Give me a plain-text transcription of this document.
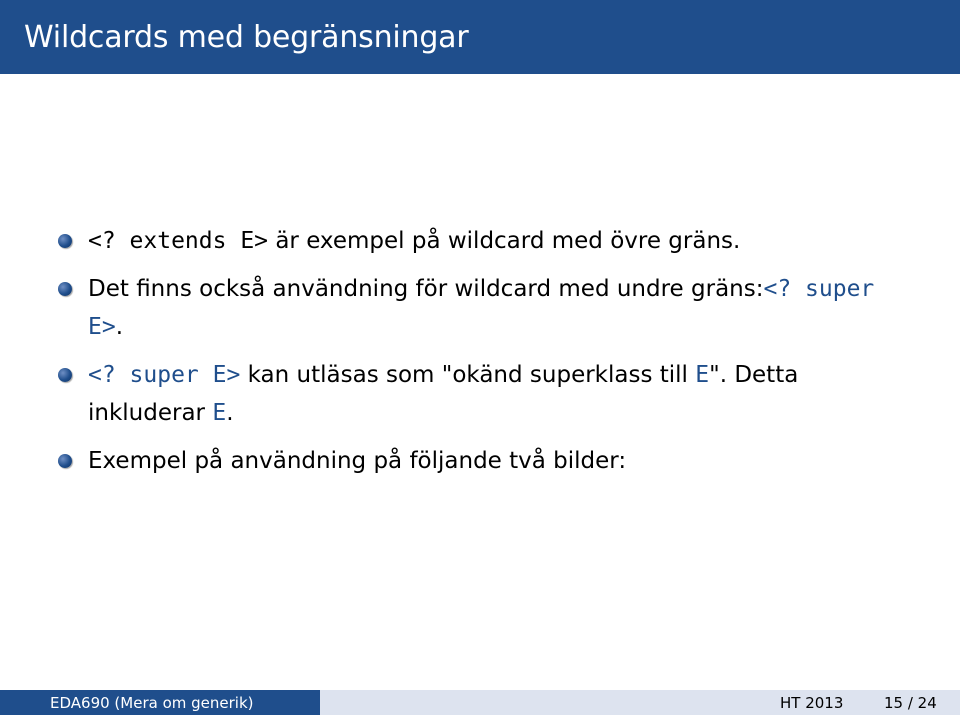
Wildcards med begränsningar
<? extends E> är exempel på wildcard med övre gräns.
Det finns också användning för wildcard med undre gräns:<? super E>.
<? super E> kan utläsas som "okänd superklass till E". Detta inkluderar E.
Exempel på användning på följande två bilder:
EDA690 (Mera om generik)	HT 2013	15 / 24
